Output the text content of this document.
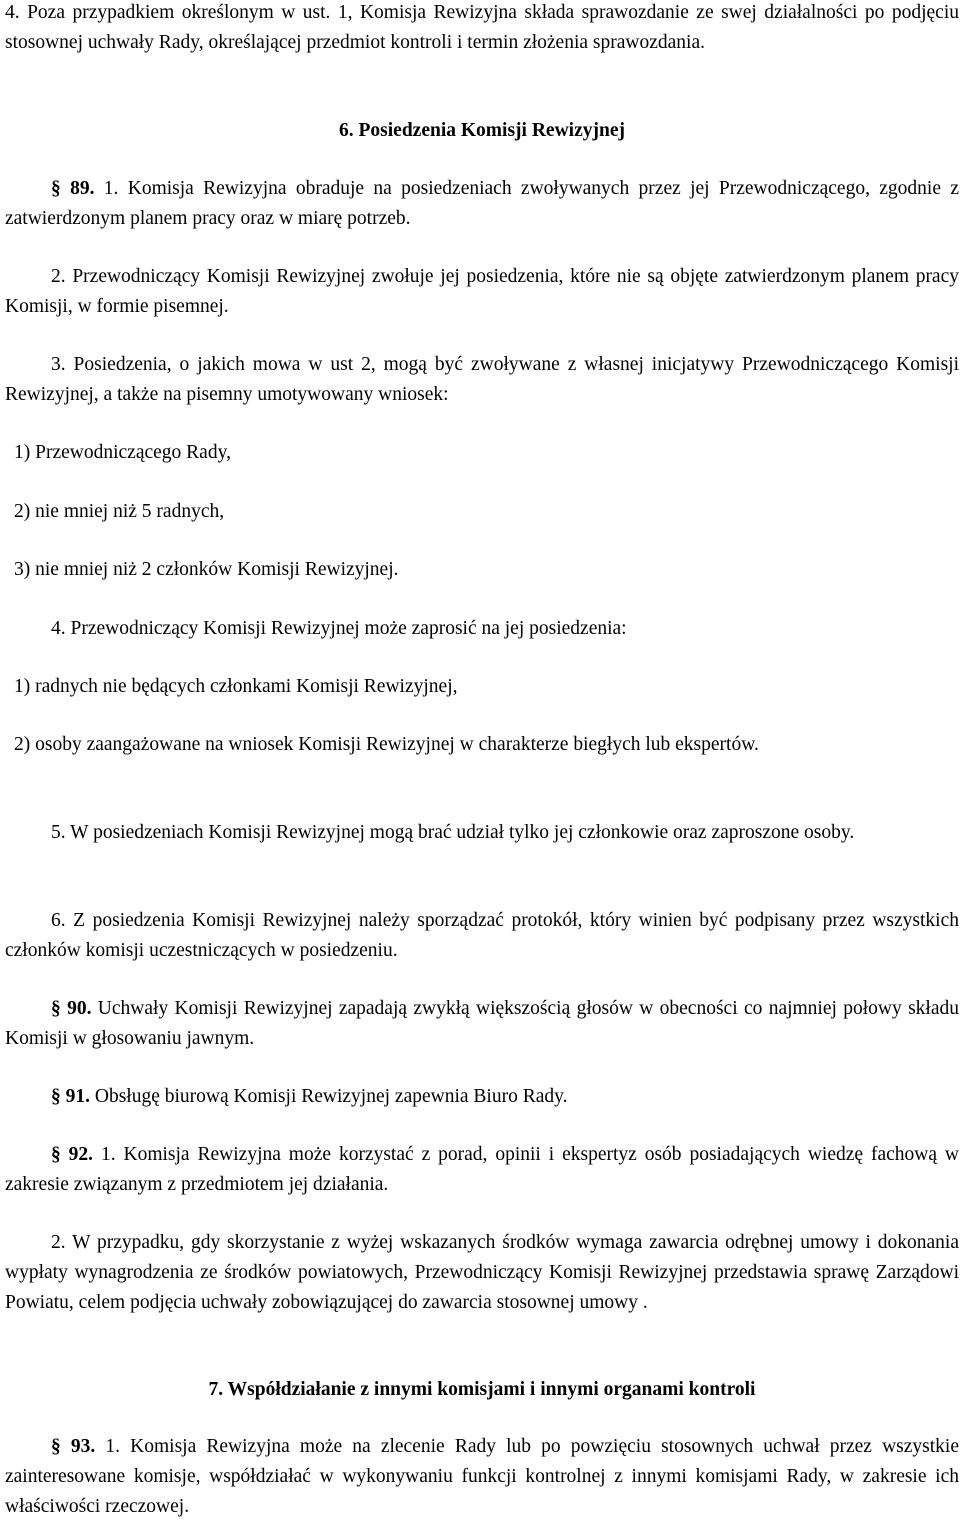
4. Poza przypadkiem określonym w ust. 1, Komisja Rewizyjna składa sprawozdanie ze swej działalności po podjęciu stosownej uchwały Rady, określającej przedmiot kontroli i termin złożenia sprawozdania.

6. Posiedzenia Komisji Rewizyjnej

§ 89. 1. Komisja Rewizyjna obraduje na posiedzeniach zwoływanych przez jej Przewodniczącego, zgodnie z zatwierdzonym planem pracy oraz w miarę potrzeb.

2. Przewodniczący Komisji Rewizyjnej zwołuje jej posiedzenia, które nie są objęte zatwierdzonym planem pracy Komisji, w formie pisemnej.

3. Posiedzenia, o jakich mowa w ust 2, mogą być zwoływane z własnej inicjatywy Przewodniczącego Komisji Rewizyjnej, a także na pisemny umotywowany wniosek:

1) Przewodniczącego Rady,

2) nie mniej niż 5 radnych,

3) nie mniej niż 2 członków Komisji Rewizyjnej.

4. Przewodniczący Komisji Rewizyjnej może zaprosić na jej posiedzenia:

1) radnych nie będących członkami Komisji Rewizyjnej,

2) osoby zaangażowane na wniosek Komisji Rewizyjnej w charakterze biegłych lub ekspertów.

5. W posiedzeniach Komisji Rewizyjnej mogą brać udział tylko jej członkowie oraz zaproszone osoby.

6. Z posiedzenia Komisji Rewizyjnej należy sporządzać protokół, który winien być podpisany przez wszystkich członków komisji uczestniczących w posiedzeniu.

§ 90. Uchwały Komisji Rewizyjnej zapadają zwykłą większością głosów w obecności co najmniej połowy składu Komisji w głosowaniu jawnym.

§ 91. Obsługę biurową Komisji Rewizyjnej zapewnia Biuro Rady.

§ 92. 1. Komisja Rewizyjna może korzystać z porad, opinii i ekspertyz osób posiadających wiedzę fachową w zakresie związanym z przedmiotem jej działania.

2. W przypadku, gdy skorzystanie z wyżej wskazanych środków wymaga zawarcia odrębnej umowy i dokonania wypłaty wynagrodzenia ze środków powiatowych, Przewodniczący Komisji Rewizyjnej przedstawia sprawę Zarządowi Powiatu, celem podjęcia uchwały zobowiązującej do zawarcia stosownej umowy .

7. Współdziałanie z innymi komisjami i innymi organami kontroli

§ 93. 1. Komisja Rewizyjna może na zlecenie Rady lub po powzięciu stosownych uchwał przez wszystkie zainteresowane komisje, współdziałać w wykonywaniu funkcji kontrolnej z innymi komisjami Rady, w zakresie ich właściwości rzeczowej.
